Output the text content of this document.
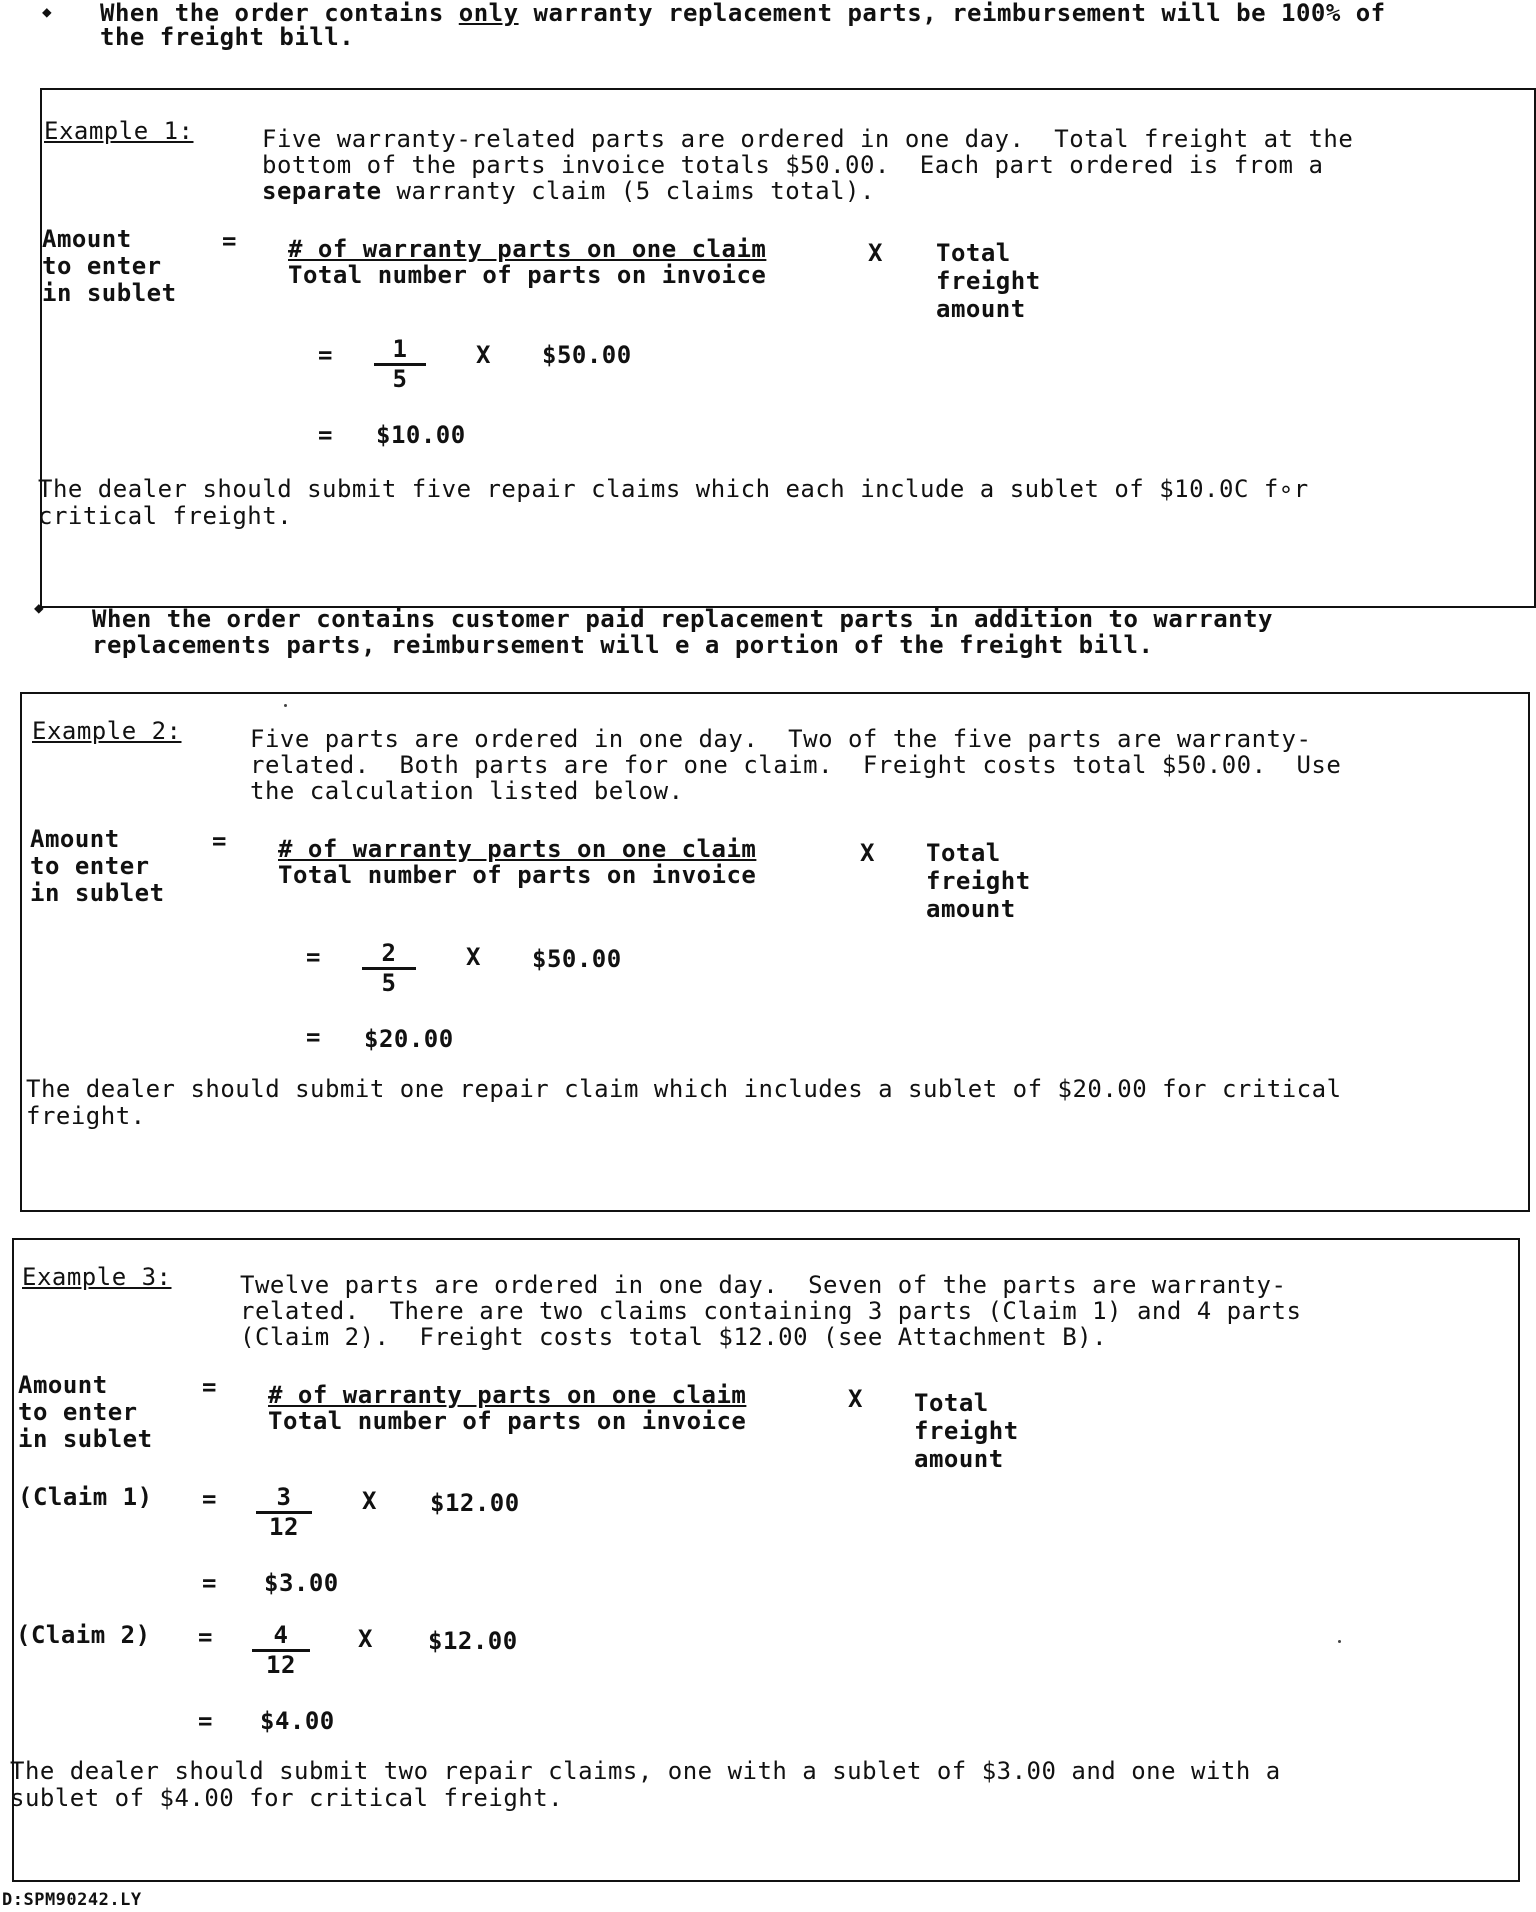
◆ When the order contains only warranty replacement parts, reimbursement will be 100% of
the freight bill.
Example 1:	Five warranty-related parts are ordered in one day.  Total freight at the
bottom of the parts invoice totals $50.00.  Each part ordered is from a
separate warranty claim (5 claims total).
Amount
to enter
in sublet
= # of warranty parts on one claim
Total number of parts on invoice
X Total
freight
amount
= $\frac{1}{5}$ X $50.00
= $10.00
The dealer should submit five repair claims which each include a sublet of $10.0C f∘r
critical freight.
◆ When the order contains customer paid replacement parts in addition to warranty
replacements parts, reimbursement will e a portion of the freight bill.
Example 2:	Five parts are ordered in one day.  Two of the five parts are warranty-
related.  Both parts are for one claim.  Freight costs total $50.00.  Use
the calculation listed below.
Amount
to enter
in sublet
= # of warranty parts on one claim
Total number of parts on invoice
X Total
freight
amount
= $\frac{2}{5}$ X $50.00
= $20.00
The dealer should submit one repair claim which includes a sublet of $20.00 for critical
freight.
Example 3:	Twelve parts are ordered in one day.  Seven of the parts are warranty-
related.  There are two claims containing 3 parts (Claim 1) and 4 parts
(Claim 2).  Freight costs total $12.00 (see Attachment B).
Amount
to enter
in sublet
= # of warranty parts on one claim
Total number of parts on invoice
X Total
freight
amount
(Claim $1) = \frac{3}{12}$ X $12.00
= $3.00
(Claim $2) = \frac{4}{12}$ X $12.00
= $4.00
The dealer should submit two repair claims, one with a sublet of $3.00 and one with a
sublet of $4.00 for critical freight.
D:SPM90242.LY
